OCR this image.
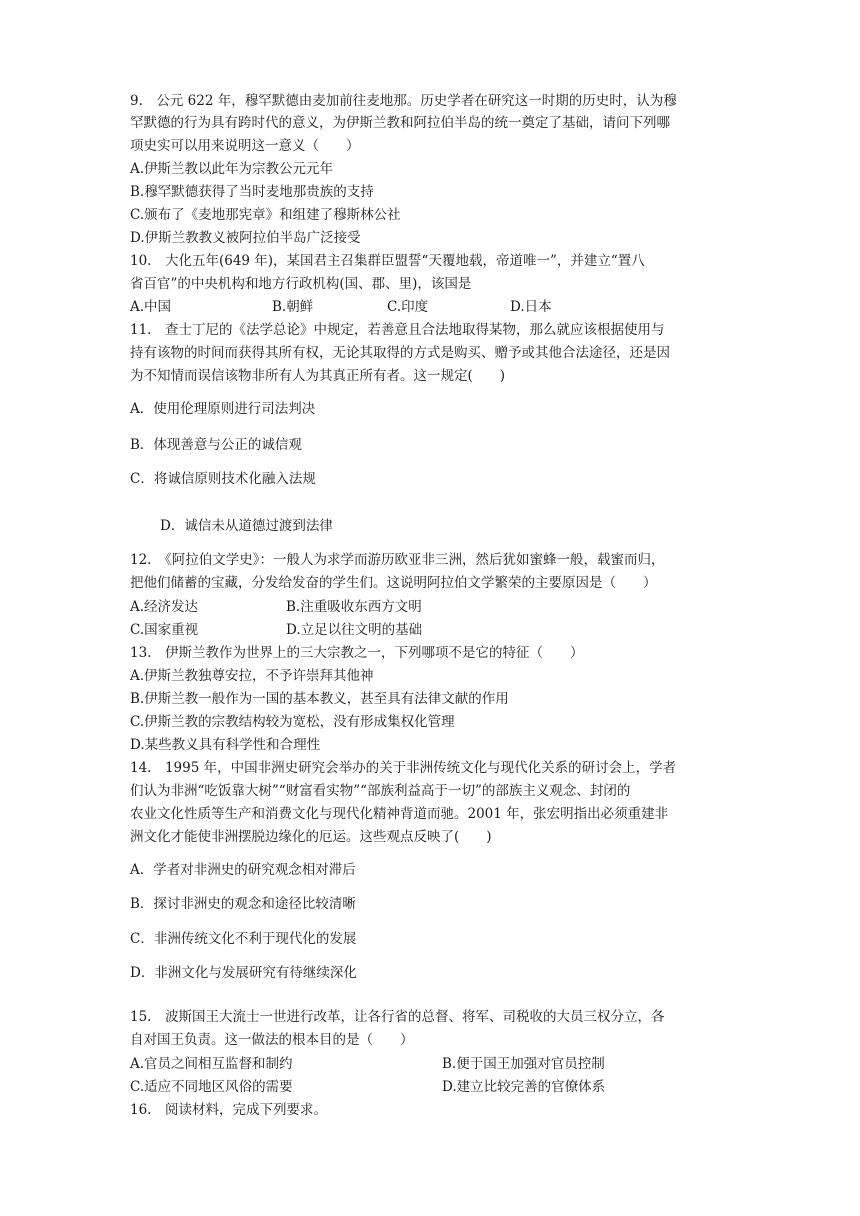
9.　公元 622 年，穆罕默德由麦加前往麦地那。历史学者在研究这一时期的历史时，认为穆
罕默德的行为具有跨时代的意义，为伊斯兰教和阿拉伯半岛的统一奠定了基础，请问下列哪
项史实可以用来说明这一意义（　　）
A.伊斯兰教以此年为宗教公元元年
B.穆罕默德获得了当时麦地那贵族的支持
C.颁布了《麦地那宪章》和组建了穆斯林公社
D.伊斯兰教教义被阿拉伯半岛广泛接受
10.　大化五年(649 年)，某国君主召集群臣盟誓“天覆地载，帝道唯一”，并建立“置八
省百官”的中央机构和地方行政机构(国、郡、里)，该国是
A.中国	B.朝鲜	C.印度	D.日本
11.　查士丁尼的《法学总论》中规定，若善意且合法地取得某物，那么就应该根据使用与
持有该物的时间而获得其所有权，无论其取得的方式是购买、赠予或其他合法途径，还是因
为不知情而误信该物非所有人为其真正所有者。这一规定(　　)
A．使用伦理原则进行司法判决
B．体现善意与公正的诚信观
C．将诚信原则技术化融入法规
D．诚信未从道德过渡到法律
12.　《阿拉伯文学史》：一般人为求学而游历欧亚非三洲，然后犹如蜜蜂一般，载蜜而归，
把他们储蓄的宝藏，分发给发奋的学生们。这说明阿拉伯文学繁荣的主要原因是（　　）
A.经济发达	B.注重吸收东西方文明
C.国家重视	D.立足以往文明的基础
13.　伊斯兰教作为世界上的三大宗教之一，下列哪项不是它的特征（　　）
A.伊斯兰教独尊安拉，不予许崇拜其他神
B.伊斯兰教一般作为一国的基本教义，甚至具有法律文献的作用
C.伊斯兰教的宗教结构较为宽松，没有形成集权化管理
D.某些教义具有科学性和合理性
14.　1995 年，中国非洲史研究会举办的关于非洲传统文化与现代化关系的研讨会上，学者
们认为非洲“吃饭靠大树”“财富看实物”“部族利益高于一切”的部族主义观念、封闭的
农业文化性质等生产和消费文化与现代化精神背道而驰。2001 年，张宏明指出必须重建非
洲文化才能使非洲摆脱边缘化的厄运。这些观点反映了(　　)
A．学者对非洲史的研究观念相对滞后
B．探讨非洲史的观念和途径比较清晰
C．非洲传统文化不利于现代化的发展
D．非洲文化与发展研究有待继续深化
15.　波斯国王大流士一世进行改革，让各行省的总督、将军、司税收的大员三权分立，各
自对国王负责。这一做法的根本目的是（　　）
A.官员之间相互监督和制约	B.便于国王加强对官员控制
C.适应不同地区风俗的需要	D.建立比较完善的官僚体系
16.　阅读材料，完成下列要求。
